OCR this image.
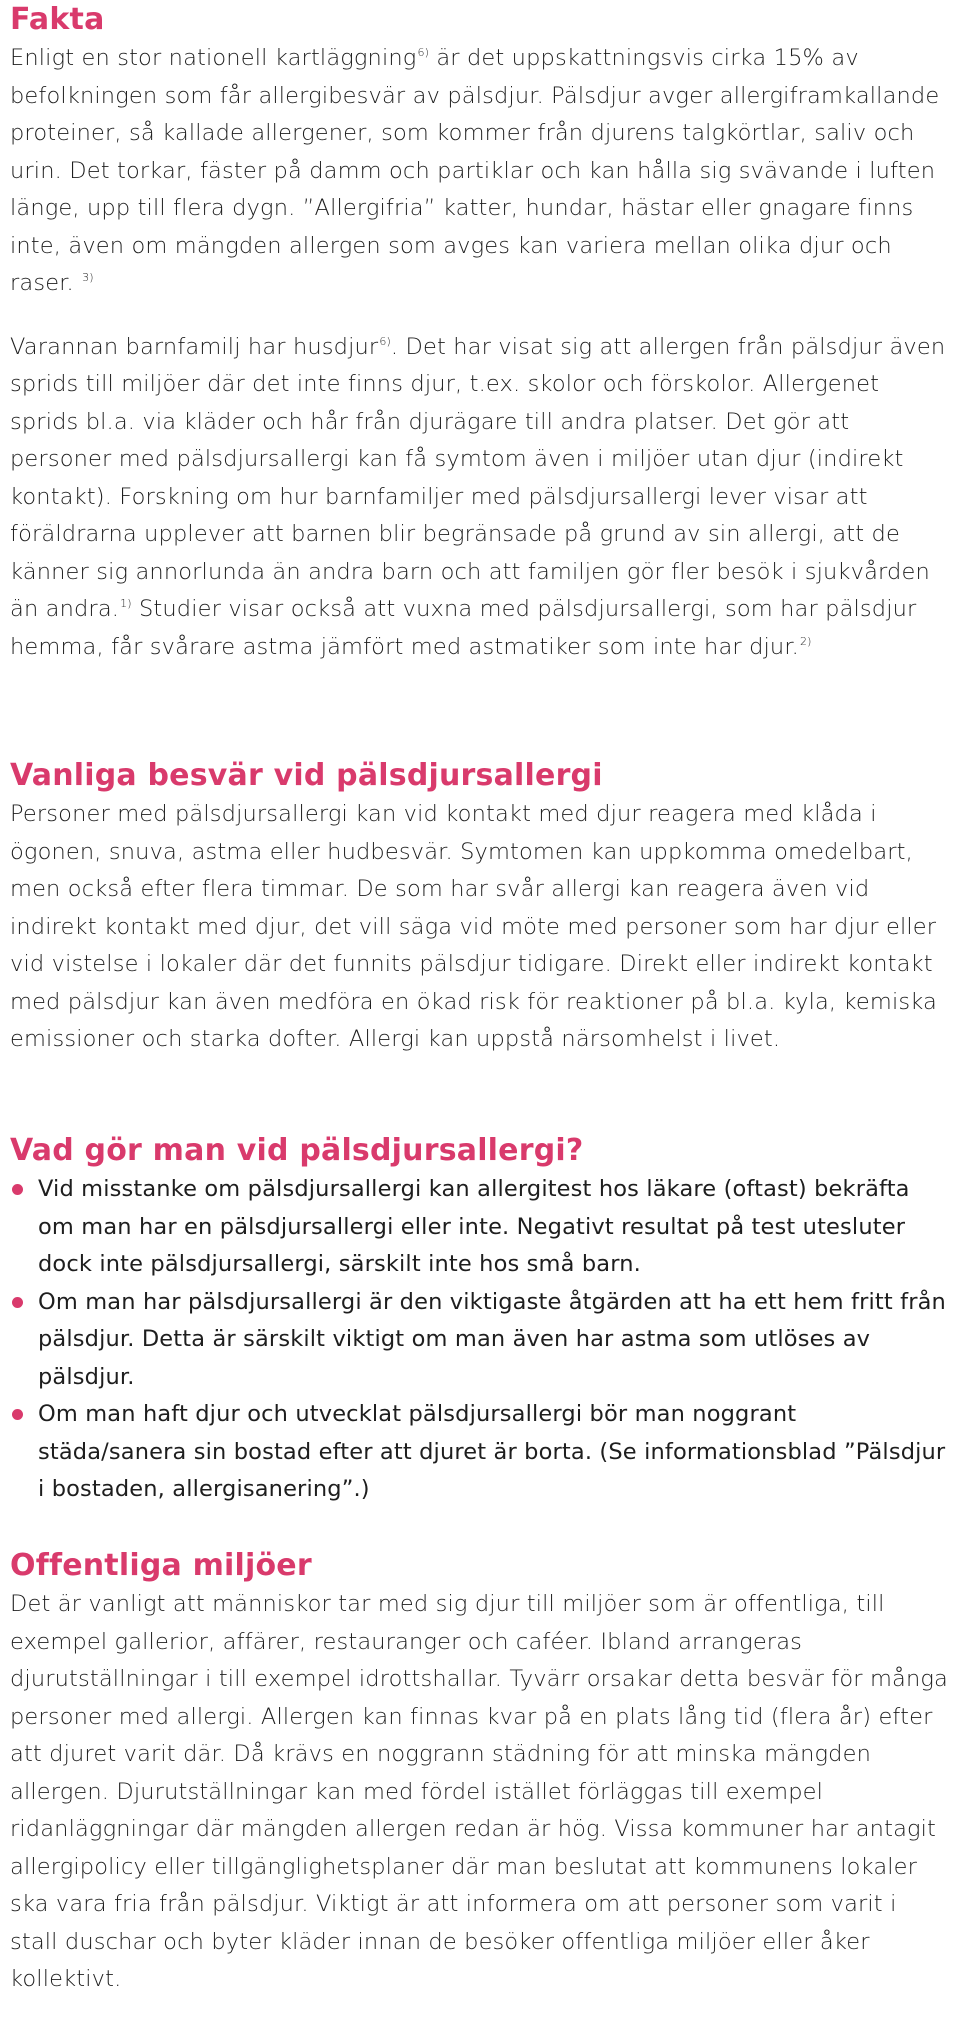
Fakta

Enligt en stor nationell kartläggning$^{6)}$ är det uppskattningsvis cirka 15% av befolkningen som får allergibesvär av pälsdjur. Pälsdjur avger allergiframkallande proteiner, så kallade allergener, som kommer från djurens talgkörtlar, saliv och urin. Det torkar, fäster på damm och partiklar och kan hålla sig svävande i luften länge, upp till flera dygn. ”Allergifria” katter, hundar, hästar eller gnagare finns inte, även om mängden allergen som avges kan variera mellan olika djur och raser. $^{3)}$

Varannan barnfamilj har husdjur$^{6)}$. Det har visat sig att allergen från pälsdjur även sprids till miljöer där det inte finns djur, t.ex. skolor och förskolor. Allergenet sprids bl.a. via kläder och hår från djurägare till andra platser. Det gör att personer med pälsdjursallergi kan få symtom även i miljöer utan djur (indirekt kontakt). Forskning om hur barnfamiljer med pälsdjursallergi lever visar att föräldrarna upplever att barnen blir begränsade på grund av sin allergi, att de känner sig annorlunda än andra barn och att familjen gör fler besök i sjukvården än andra.$^{1)}$ Studier visar också att vuxna med pälsdjursallergi, som har pälsdjur hemma, får svårare astma jämfört med astmatiker som inte har djur.$^{2)}$

Vanliga besvär vid pälsdjursallergi

Personer med pälsdjursallergi kan vid kontakt med djur reagera med klåda i ögonen, snuva, astma eller hudbesvär. Symtomen kan uppkomma omedelbart, men också efter flera timmar. De som har svår allergi kan reagera även vid indirekt kontakt med djur, det vill säga vid möte med personer som har djur eller vid vistelse i lokaler där det funnits pälsdjur tidigare. Direkt eller indirekt kontakt med pälsdjur kan även medföra en ökad risk för reaktioner på bl.a. kyla, kemiska emissioner och starka dofter. Allergi kan uppstå närsomhelst i livet.

Vad gör man vid pälsdjursallergi?
Vid misstanke om pälsdjursallergi kan allergitest hos läkare (oftast) bekräfta om man har en pälsdjursallergi eller inte. Negativt resultat på test utesluter dock inte pälsdjursallergi, särskilt inte hos små barn.
Om man har pälsdjursallergi är den viktigaste åtgärden att ha ett hem fritt från pälsdjur. Detta är särskilt viktigt om man även har astma som utlöses av pälsdjur.
Om man haft djur och utvecklat pälsdjursallergi bör man noggrant städa/sanera sin bostad efter att djuret är borta. (Se informationsblad ”Pälsdjur i bostaden, allergisanering”.)
Offentliga miljöer

Det är vanligt att människor tar med sig djur till miljöer som är offentliga, till exempel gallerior, affärer, restauranger och caféer. Ibland arrangeras djurutställningar i till exempel idrottshallar. Tyvärr orsakar detta besvär för många personer med allergi. Allergen kan finnas kvar på en plats lång tid (flera år) efter att djuret varit där. Då krävs en noggrann städning för att minska mängden allergen. Djurutställningar kan med fördel istället förläggas till exempel ridanläggningar där mängden allergen redan är hög. Vissa kommuner har antagit allergipolicy eller tillgänglighetsplaner där man beslutat att kommunens lokaler ska vara fria från pälsdjur. Viktigt är att informera om att personer som varit i stall duschar och byter kläder innan de besöker offentliga miljöer eller åker kollektivt.
